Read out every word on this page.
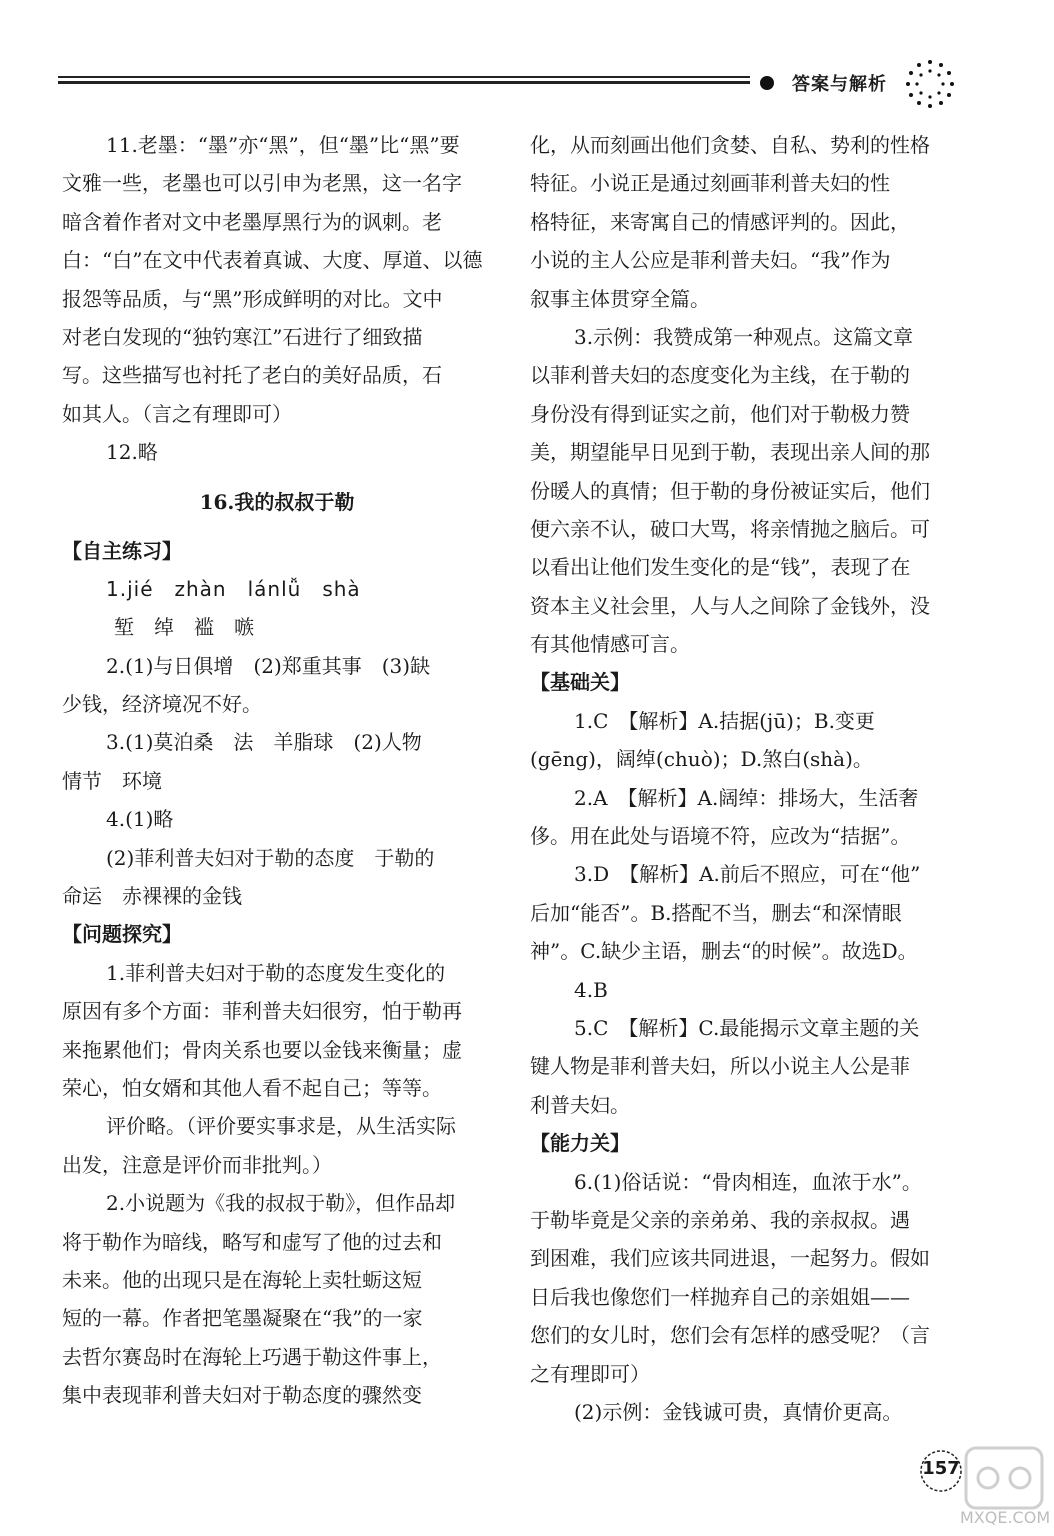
答案与解析
11.老墨：“墨”亦“黑”，但“墨”比“黑”要
文雅一些，老墨也可以引申为老黑，这一名字
暗含着作者对文中老墨厚黑行为的讽刺。老
白：“白”在文中代表着真诚、大度、厚道、以德
报怨等品质，与“黑”形成鲜明的对比。文中
对老白发现的“独钓寒江”石进行了细致描
写。这些描写也衬托了老白的美好品质，石
如其人。（言之有理即可）
12.略
16.我的叔叔于勒
【自主练习】
1.jié　zhàn　lánlǚ　shà
堑　绰　褴　嗾
2.(1)与日俱增　(2)郑重其事　(3)缺
少钱，经济境况不好。
3.(1)莫泊桑　法　羊脂球　(2)人物
情节　环境
4.(1)略
(2)菲利普夫妇对于勒的态度　于勒的
命运　赤裸裸的金钱
【问题探究】
1.菲利普夫妇对于勒的态度发生变化的
原因有多个方面：菲利普夫妇很穷，怕于勒再
来拖累他们；骨肉关系也要以金钱来衡量；虚
荣心，怕女婿和其他人看不起自己；等等。
评价略。（评价要实事求是，从生活实际
出发，注意是评价而非批判。）
2.小说题为《我的叔叔于勒》，但作品却
将于勒作为暗线，略写和虚写了他的过去和
未来。他的出现只是在海轮上卖牡蛎这短
短的一幕。作者把笔墨凝聚在“我”的一家
去哲尔赛岛时在海轮上巧遇于勒这件事上，
集中表现菲利普夫妇对于勒态度的骤然变
化，从而刻画出他们贪婪、自私、势利的性格
特征。小说正是通过刻画菲利普夫妇的性
格特征，来寄寓自己的情感评判的。因此，
小说的主人公应是菲利普夫妇。“我”作为
叙事主体贯穿全篇。
3.示例：我赞成第一种观点。这篇文章
以菲利普夫妇的态度变化为主线，在于勒的
身份没有得到证实之前，他们对于勒极力赞
美，期望能早日见到于勒，表现出亲人间的那
份暖人的真情；但于勒的身份被证实后，他们
便六亲不认，破口大骂，将亲情抛之脑后。可
以看出让他们发生变化的是“钱”，表现了在
资本主义社会里，人与人之间除了金钱外，没
有其他情感可言。
【基础关】
1.C　【解析】A.拮据(jū)；B.变更
(gēng)，阔绰(chuò)；D.煞白(shà)。
2.A　【解析】A.阔绰：排场大，生活奢
侈。用在此处与语境不符，应改为“拮据”。
3.D　【解析】A.前后不照应，可在“他”
后加“能否”。B.搭配不当，删去“和深情眼
神”。C.缺少主语，删去“的时候”。故选D。
4.B
5.C　【解析】C.最能揭示文章主题的关
键人物是菲利普夫妇，所以小说主人公是菲
利普夫妇。
【能力关】
6.(1)俗话说：“骨肉相连，血浓于水”。
于勒毕竟是父亲的亲弟弟、我的亲叔叔。遇
到困难，我们应该共同进退，一起努力。假如
日后我也像您们一样抛弃自己的亲姐姐——
您们的女儿时，您们会有怎样的感受呢？（言
之有理即可）
(2)示例：金钱诚可贵，真情价更高。
157
MXQE.COM
